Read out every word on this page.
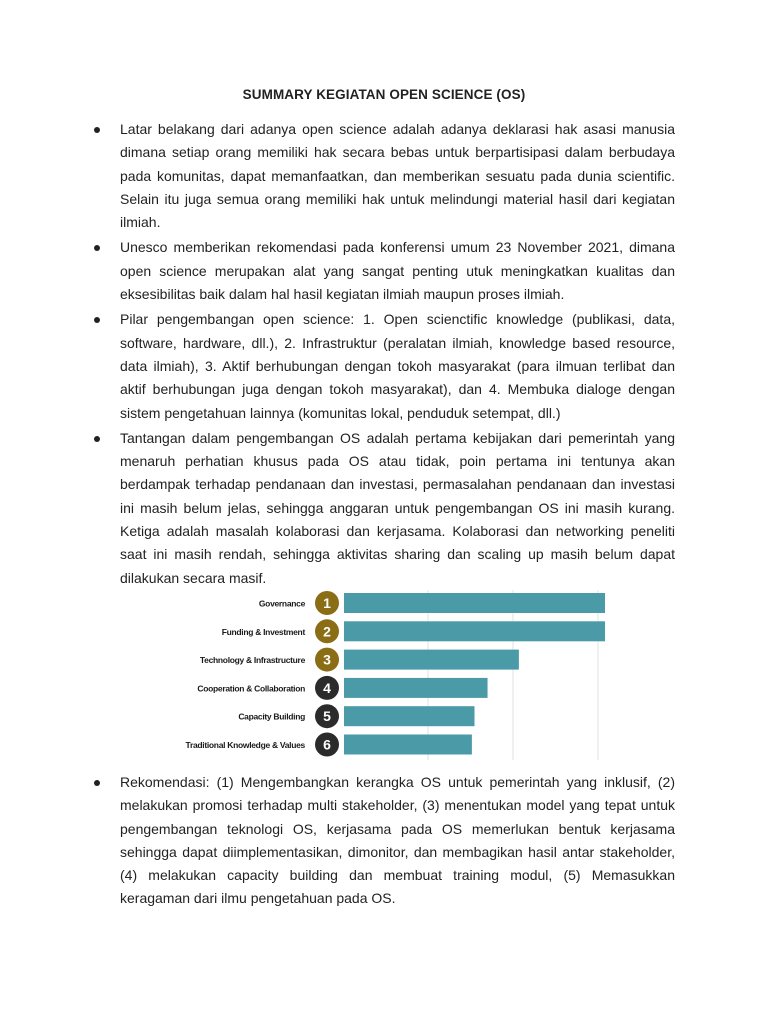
SUMMARY KEGIATAN OPEN SCIENCE (OS)
Latar belakang dari adanya open science adalah adanya deklarasi hak asasi manusia dimana setiap orang memiliki hak secara bebas untuk berpartisipasi dalam berbudaya pada komunitas, dapat memanfaatkan, dan memberikan sesuatu pada dunia scientific. Selain itu juga semua orang memiliki hak untuk melindungi material hasil dari kegiatan ilmiah.
Unesco memberikan rekomendasi pada konferensi umum 23 November 2021, dimana open science merupakan alat yang sangat penting utuk meningkatkan kualitas dan eksesibilitas baik dalam hal hasil kegiatan ilmiah maupun proses ilmiah.
Pilar pengembangan open science: 1. Open scienctific knowledge (publikasi, data, software, hardware, dll.), 2. Infrastruktur (peralatan ilmiah, knowledge based resource, data ilmiah), 3. Aktif berhubungan dengan tokoh masyarakat (para ilmuan terlibat dan aktif berhubungan juga dengan tokoh masyarakat), dan 4. Membuka dialoge dengan sistem pengetahuan lainnya (komunitas lokal, penduduk setempat, dll.)
Tantangan dalam pengembangan OS adalah pertama kebijakan dari pemerintah yang menaruh perhatian khusus pada OS atau tidak, poin pertama ini tentunya akan berdampak terhadap pendanaan dan investasi, permasalahan pendanaan dan investasi ini masih belum jelas, sehingga anggaran untuk pengembangan OS ini masih kurang. Ketiga adalah masalah kolaborasi dan kerjasama. Kolaborasi dan networking peneliti saat ini masih rendah, sehingga aktivitas sharing dan scaling up masih belum dapat dilakukan secara masif.
Governance 1
Funding & Investment 2
Technology & Infrastructure 3
Cooperation & Collaboration 4
Capacity Building 5
Traditional Knowledge & Values 6
Rekomendasi: (1) Mengembangkan kerangka OS untuk pemerintah yang inklusif, (2) melakukan promosi terhadap multi stakeholder, (3) menentukan model yang tepat untuk pengembangan teknologi OS, kerjasama pada OS memerlukan bentuk kerjasama sehingga dapat diimplementasikan, dimonitor, dan membagikan hasil antar stakeholder, (4) melakukan capacity building dan membuat training modul, (5) Memasukkan keragaman dari ilmu pengetahuan pada OS.
